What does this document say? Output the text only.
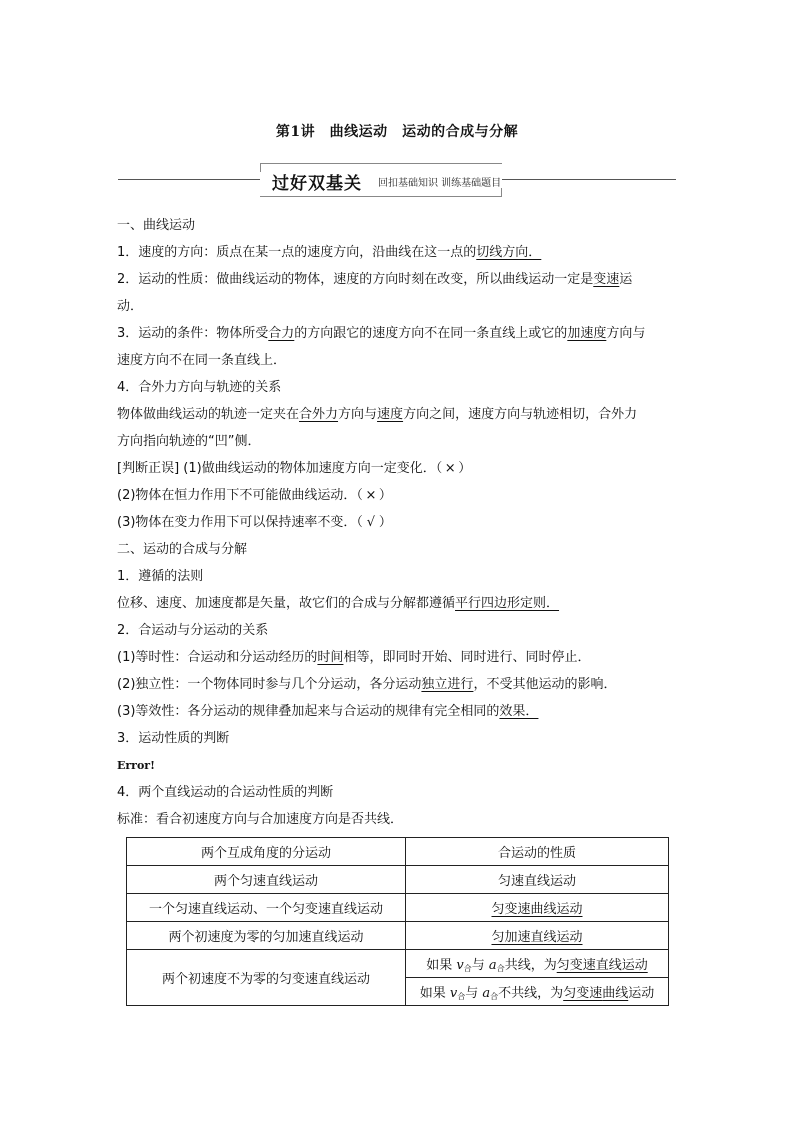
第1讲　曲线运动　运动的合成与分解
过好双基关 回扣基础知识 训练基础题目
一、曲线运动
1．速度的方向：质点在某一点的速度方向，沿曲线在这一点的切线方向．
2．运动的性质：做曲线运动的物体，速度的方向时刻在改变，所以曲线运动一定是变速运
动．
3．运动的条件：物体所受合力的方向跟它的速度方向不在同一条直线上或它的加速度方向与
速度方向不在同一条直线上．
4．合外力方向与轨迹的关系
物体做曲线运动的轨迹一定夹在合外力方向与速度方向之间，速度方向与轨迹相切，合外力
方向指向轨迹的“凹”侧．
[判断正误] (1)做曲线运动的物体加速度方向一定变化．（ × ）
(2)物体在恒力作用下不可能做曲线运动．（ × ）
(3)物体在变力作用下可以保持速率不变．（ √ ）
二、运动的合成与分解
1．遵循的法则
位移、速度、加速度都是矢量，故它们的合成与分解都遵循平行四边形定则．
2．合运动与分运动的关系
(1)等时性：合运动和分运动经历的时间相等，即同时开始、同时进行、同时停止．
(2)独立性：一个物体同时参与几个分运动，各分运动独立进行，不受其他运动的影响．
(3)等效性：各分运动的规律叠加起来与合运动的规律有完全相同的效果．
3．运动性质的判断
Error!
4．两个直线运动的合运动性质的判断
标准：看合初速度方向与合加速度方向是否共线．
两个互成角度的分运动	合运动的性质
两个匀速直线运动	匀速直线运动
一个匀速直线运动、一个匀变速直线运动	匀变速曲线运动
两个初速度为零的匀加速直线运动	匀加速直线运动
两个初速度不为零的匀变速直线运动	如果 $v_合$与 $a_合$共线，为匀变速直线运动
	如果 $v_合$与 $a_合$不共线，为匀变速曲线运动
